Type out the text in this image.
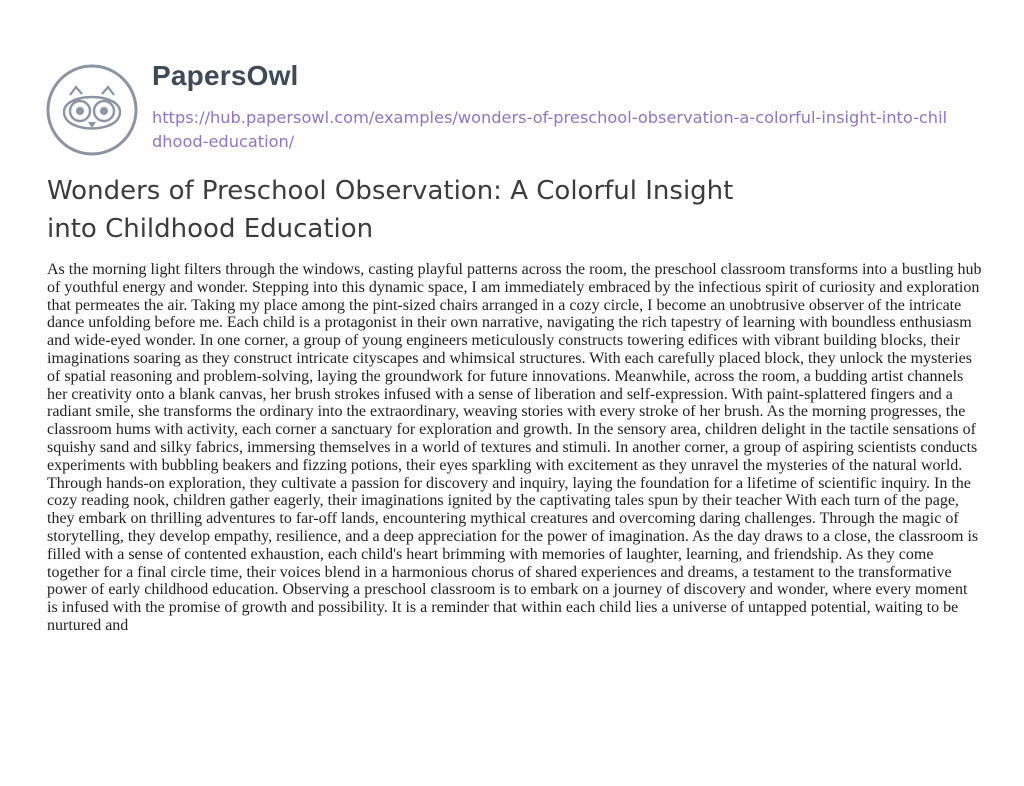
PapersOwl
https://hub.papersowl.com/examples/wonders-of-preschool-observation-a-colorful-insight-into-childhood-education/
Wonders of Preschool Observation: A Colorful Insight into Childhood Education

As the morning light filters through the windows, casting playful patterns across the room, the preschool classroom transforms into a bustling hub of youthful energy and wonder. Stepping into this dynamic space, I am immediately embraced by the infectious spirit of curiosity and exploration that permeates the air. Taking my place among the pint-sized chairs arranged in a cozy circle, I become an unobtrusive observer of the intricate dance unfolding before me. Each child is a protagonist in their own narrative, navigating the rich tapestry of learning with boundless enthusiasm and wide-eyed wonder. In one corner, a group of young engineers meticulously constructs towering edifices with vibrant building blocks, their imaginations soaring as they construct intricate cityscapes and whimsical structures. With each carefully placed block, they unlock the mysteries of spatial reasoning and problem-solving, laying the groundwork for future innovations. Meanwhile, across the room, a budding artist channels her creativity onto a blank canvas, her brush strokes infused with a sense of liberation and self-expression. With paint-splattered fingers and a radiant smile, she transforms the ordinary into the extraordinary, weaving stories with every stroke of her brush. As the morning progresses, the classroom hums with activity, each corner a sanctuary for exploration and growth. In the sensory area, children delight in the tactile sensations of squishy sand and silky fabrics, immersing themselves in a world of textures and stimuli. In another corner, a group of aspiring scientists conducts experiments with bubbling beakers and fizzing potions, their eyes sparkling with excitement as they unravel the mysteries of the natural world. Through hands-on exploration, they cultivate a passion for discovery and inquiry, laying the foundation for a lifetime of scientific inquiry. In the cozy reading nook, children gather eagerly, their imaginations ignited by the captivating tales spun by their teacher With each turn of the page, they embark on thrilling adventures to far-off lands, encountering mythical creatures and overcoming daring challenges. Through the magic of storytelling, they develop empathy, resilience, and a deep appreciation for the power of imagination. As the day draws to a close, the classroom is filled with a sense of contented exhaustion, each child's heart brimming with memories of laughter, learning, and friendship. As they come together for a final circle time, their voices blend in a harmonious chorus of shared experiences and dreams, a testament to the transformative power of early childhood education. Observing a preschool classroom is to embark on a journey of discovery and wonder, where every moment is infused with the promise of growth and possibility. It is a reminder that within each child lies a universe of untapped potential, waiting to be nurtured and
